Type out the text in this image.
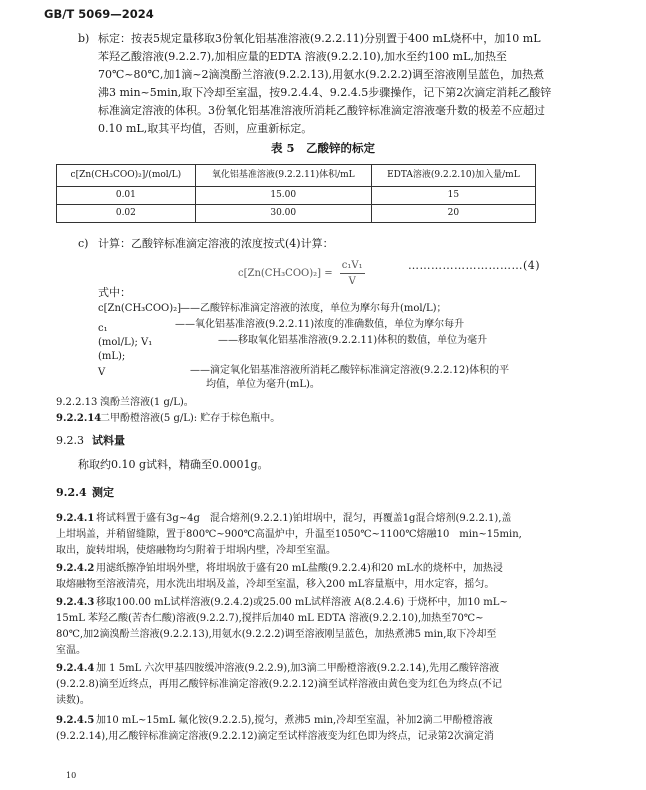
GB/T 5069—2024
b) 标定：按表5规定量移取3份氧化铝基准溶液(9.2.2.11)分别置于400 mL烧杯中，加10 mL
苯羟乙酸溶液(9.2.2.7),加相应量的EDTA 溶液(9.2.2.10),加水至约100 mL,加热至
70℃~80℃,加1滴~2滴溴酚兰溶液(9.2.2.13),用氨水(9.2.2.2)调至溶液刚呈蓝色，加热煮
沸3 min~5min,取下冷却至室温，按9.2.4.4、9.2.4.5步骤操作，记下第2次滴定消耗乙酸锌
标准滴定溶液的体积。3份氧化铝基准溶液所消耗乙酸锌标准滴定溶液毫升数的极差不应超过
0.10 mL,取其平均值，否则，应重新标定。
表 5　乙酸锌的标定
c[Zn(CH₃COO)₂]/(mol/L)	氧化铝基准溶液(9.2.2.11)体积/mL	EDTA溶液(9.2.2.10)加入量/mL
0.01	15.00	15
0.02	30.00	20
c) 计算：乙酸锌标准滴定溶液的浓度按式(4)计算：
$c[Zn(CH_3COO)_2] = \frac{\text{c₁V₁}}{V}$	…………………………(4)
式中：
c[Zn(CH₃COO)₂]
——乙酸锌标准滴定溶液的浓度，单位为摩尔每升(mol/L)；
c₁	——氧化铝基准溶液(9.2.2.11)浓度的准确数值，单位为摩尔每升
(mol/L); V₁	——移取氧化铝基准溶液(9.2.2.11)体积的数值，单位为毫升
(mL);
V	——滴定氧化铝基准溶液所消耗乙酸锌标准滴定溶液(9.2.2.12)体积的平
均值，单位为毫升(mL)。
9.2.2.13 溴酚兰溶液(1 g/L)。
9.2.2.14
二甲酚橙溶液(5 g/L): 贮存于棕色瓶中。
9.2.3 试料量
称取约0.10 g试料，精确至0.0001g。
9.2.4 测定
9.2.4.1 将试料置于盛有3g~4g　混合熔剂(9.2.2.1)铂坩埚中，混匀，再覆盖1g混合熔剂(9.2.2.1),盖
上坩埚盖，并稍留缝隙，置于800℃~900℃高温炉中，升温至1050℃~1100℃熔融10　min~15min,
取出，旋转坩埚，使熔融物均匀附着于坩埚内壁，冷却至室温。
9.2.4.2 用滤纸擦净铂坩埚外壁，将坩埚放于盛有20 mL盐酸(9.2.2.4)和20 mL水的烧杯中，加热浸
取熔融物至溶液清亮，用水洗出坩埚及盖，冷却至室温，移入200 mL容量瓶中，用水定容，摇匀。
9.2.4.3 移取100.00 mL试样溶液(9.2.4.2)或25.00 mL试样溶液 A(8.2.4.6) 于烧杯中，加10 mL~
15mL 苯羟乙酸(苦杏仁酸)溶液(9.2.2.7),搅拌后加40 mL EDTA 溶液(9.2.2.10),加热至70℃~
80℃,加2滴溴酚兰溶液(9.2.2.13),用氨水(9.2.2.2)调至溶液刚呈蓝色，加热煮沸5 min,取下冷却至
室温。
9.2.4.4 加 1 5mL 六次甲基四胺缓冲溶液(9.2.2.9),加3滴二甲酚橙溶液(9.2.2.14),先用乙酸锌溶液
(9.2.2.8)滴至近终点，再用乙酸锌标准滴定溶液(9.2.2.12)滴至试样溶液由黄色变为红色为终点(不记
读数)。
9.2.4.5 加10 mL~15mL 氟化铵(9.2.2.5),搅匀，煮沸5 min,冷却至室温，补加2滴二甲酚橙溶液
(9.2.2.14),用乙酸锌标准滴定溶液(9.2.2.12)滴定至试样溶液变为红色即为终点，记录第2次滴定消
10
